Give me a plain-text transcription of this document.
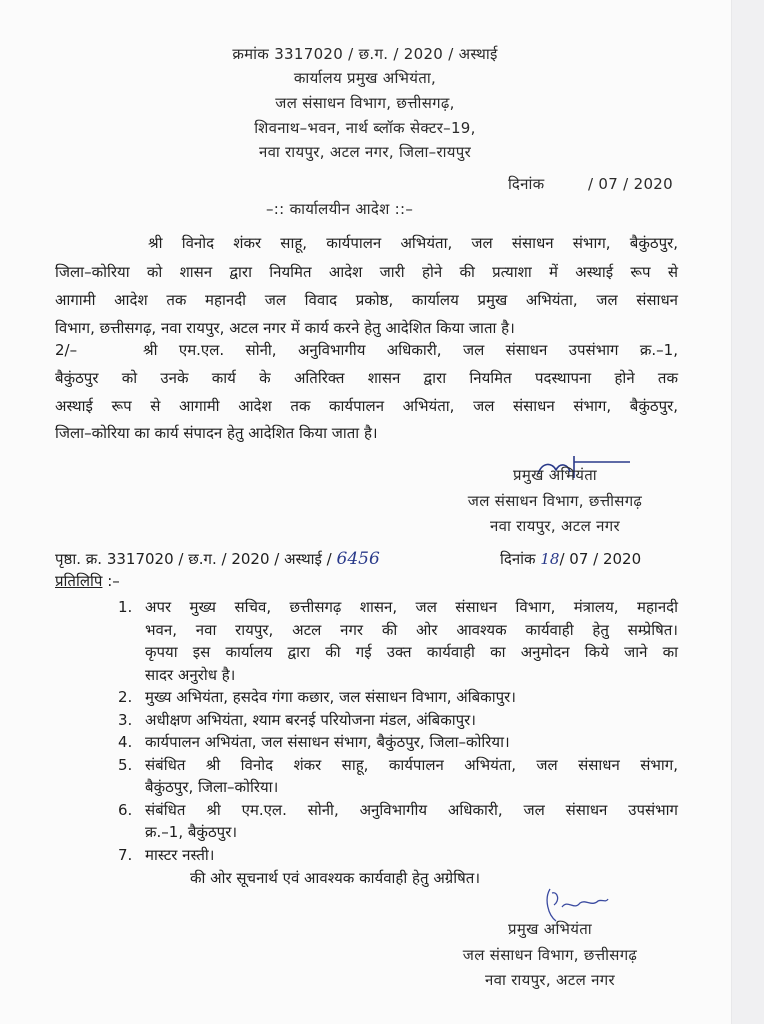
क्रमांक 3317020 / छ.ग. / 2020 / अस्थाई
कार्यालय प्रमुख अभियंता,
जल संसाधन विभाग, छत्तीसगढ़,
शिवनाथ–भवन, नार्थ ब्लॉक सेक्टर–19,
नवा रायपुर, अटल नगर, जिला–रायपुर
दिनांक	/ 07 / 2020
–:: कार्यालयीन आदेश ::–
श्री विनोद शंकर साहू, कार्यपालन अभियंता, जल संसाधन संभाग, बैकुंठपुर,
जिला–कोरिया को शासन द्वारा नियमित आदेश जारी होने की प्रत्याशा में अस्थाई रूप से
आगामी आदेश तक महानदी जल विवाद प्रकोष्ठ, कार्यालय प्रमुख अभियंता, जल संसाधन
विभाग, छत्तीसगढ़, नवा रायपुर, अटल नगर में कार्य करने हेतु आदेशित किया जाता है।
2/–	श्री एम.एल. सोनी, अनुविभागीय अधिकारी, जल संसाधन उपसंभाग क्र.–1,
बैकुंठपुर को उनके कार्य के अतिरिक्त शासन द्वारा नियमित पदस्थापना होने तक
अस्थाई रूप से आगामी आदेश तक कार्यपालन अभियंता, जल संसाधन संभाग, बैकुंठपुर,
जिला–कोरिया का कार्य संपादन हेतु आदेशित किया जाता है।
प्रमुख अभियंता
जल संसाधन विभाग, छत्तीसगढ़
नवा रायपुर, अटल नगर
पृष्ठा. क्र. 3317020 / छ.ग. / 2020 / अस्थाई / 6456	दिनांक 18/ 07 / 2020
प्रतिलिपि :–
1. अपर मुख्य सचिव, छत्तीसगढ़ शासन, जल संसाधन विभाग, मंत्रालय, महानदी
भवन, नवा रायपुर, अटल नगर की ओर आवश्यक कार्यवाही हेतु सम्प्रेषित।
कृपया इस कार्यालय द्वारा की गई उक्त कार्यवाही का अनुमोदन किये जाने का
सादर अनुरोध है।
2. मुख्य अभियंता, हसदेव गंगा कछार, जल संसाधन विभाग, अंबिकापुर।
3. अधीक्षण अभियंता, श्याम बरनई परियोजना मंडल, अंबिकापुर।
4. कार्यपालन अभियंता, जल संसाधन संभाग, बैकुंठपुर, जिला–कोरिया।
5. संबंधित श्री विनोद शंकर साहू, कार्यपालन अभियंता, जल संसाधन संभाग,
बैकुंठपुर, जिला–कोरिया।
6. संबंधित श्री एम.एल. सोनी, अनुविभागीय अधिकारी, जल संसाधन उपसंभाग
क्र.–1, बैकुंठपुर।
7. मास्टर नस्ती।
की ओर सूचनार्थ एवं आवश्यक कार्यवाही हेतु अग्रेषित।
प्रमुख अभियंता
जल संसाधन विभाग, छत्तीसगढ़
नवा रायपुर, अटल नगर
